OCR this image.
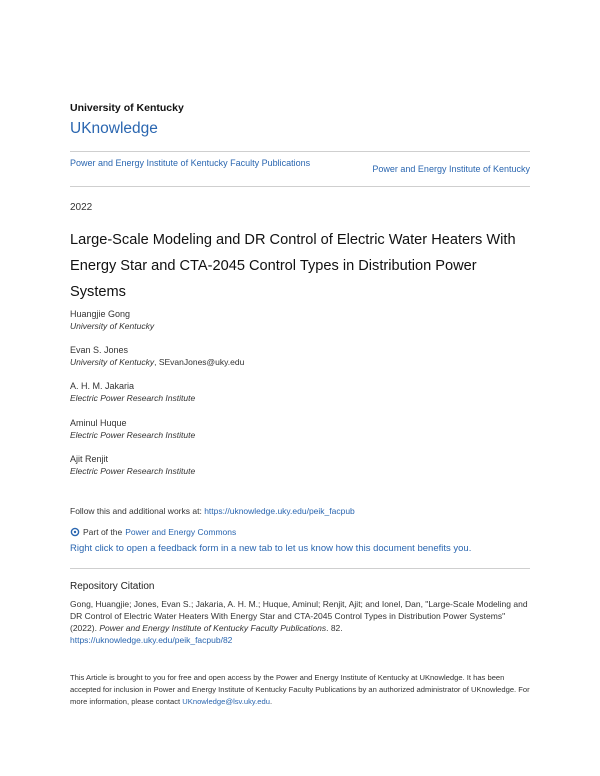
University of Kentucky
UKnowledge
Power and Energy Institute of Kentucky Faculty Publications
Power and Energy Institute of Kentucky
2022
Large-Scale Modeling and DR Control of Electric Water Heaters With Energy Star and CTA-2045 Control Types in Distribution Power Systems
Huangjie Gong
University of Kentucky
Evan S. Jones
University of Kentucky, SEvanJones@uky.edu
A. H. M. Jakaria
Electric Power Research Institute
Aminul Huque
Electric Power Research Institute
Ajit Renjit
Electric Power Research Institute
Follow this and additional works at: https://uknowledge.uky.edu/peik_facpub
Part of the Power and Energy Commons
Right click to open a feedback form in a new tab to let us know how this document benefits you.
Repository Citation
Gong, Huangjie; Jones, Evan S.; Jakaria, A. H. M.; Huque, Aminul; Renjit, Ajit; and Ionel, Dan, "Large-Scale Modeling and DR Control of Electric Water Heaters With Energy Star and CTA-2045 Control Types in Distribution Power Systems" (2022). Power and Energy Institute of Kentucky Faculty Publications. 82.
https://uknowledge.uky.edu/peik_facpub/82
This Article is brought to you for free and open access by the Power and Energy Institute of Kentucky at UKnowledge. It has been accepted for inclusion in Power and Energy Institute of Kentucky Faculty Publications by an authorized administrator of UKnowledge. For more information, please contact UKnowledge@lsv.uky.edu.
